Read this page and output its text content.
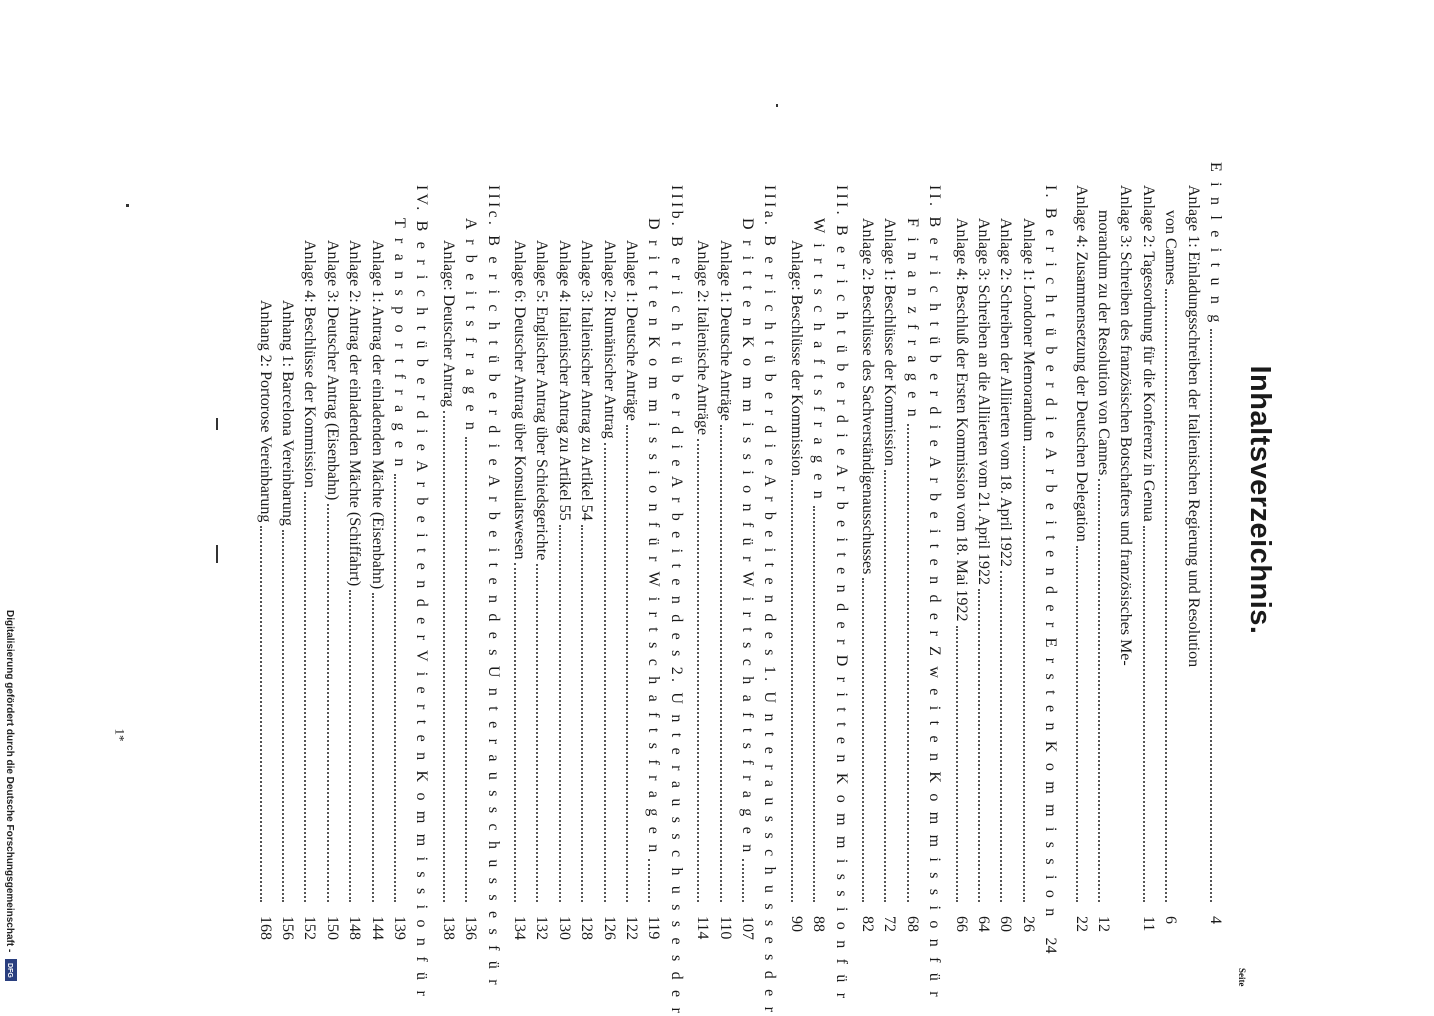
Inhaltsverzeichnis.
Seite
E i n l e i t u n g
4
Anlage 1: Einladungsschreiben der Italienischen Regierung und Resolution
von Cannes
6
Anlage 2: Tagesordnung für die Konferenz in Genua
11
Anlage 3: Schreiben des französischen Botschafters und französisches Me-
morandum zu der Resolution von Cannes
12
Anlage 4: Zusammensetzung der Deutschen Delegation
22
I. B e r i c h t ü b e r d i e A r b e i t e n d e r E r s t e n K o m m i s s i o n
24
Anlage 1: Londoner Memorandum
26
Anlage 2: Schreiben der Alliierten vom 18. April 1922
60
Anlage 3: Schreiben an die Alliierten vom 21. April 1922
64
Anlage 4: Beschluß der Ersten Kommission vom 18. Mai 1922
66
II. B e r i c h t ü b e r d i e A r b e i t e n d e r Z w e i t e n K o m m i s s i o n f ü r
F i n a n z f r a g e n
68
Anlage 1: Beschlüsse der Kommission
72
Anlage 2: Beschlüsse des Sachverständigenausschusses
82
III. B e r i c h t ü b e r d i e A r b e i t e n d e r D r i t t e n K o m m i s s i o n f ü r
W i r t s c h a f t s f r a g e n
88
Anlage: Beschlüsse der Kommission
90
IIIa. B e r i c h t ü b e r d i e A r b e i t e n d e s 1. U n t e r a u s s c h u s s e s d e r
D r i t t e n K o m m i s s i o n f ü r W i r t s c h a f t s f r a g e n
107
Anlage 1: Deutsche Anträge
110
Anlage 2: Italienische Anträge
114
IIIb. B e r i c h t ü b e r d i e A r b e i t e n d e s 2. U n t e r a u s s c h u s s e s d e r
D r i t t e n K o m m i s s i o n f ü r W i r t s c h a f t s f r a g e n
119
Anlage 1: Deutsche Anträge
122
Anlage 2: Rumänischer Antrag
126
Anlage 3: Italienischer Antrag zu Artikel 54
128
Anlage 4: Italienischer Antrag zu Artikel 55
130
Anlage 5: Englischer Antrag über Schiedsgerichte
132
Anlage 6: Deutscher Antrag über Konsulatswesen
134
IIIc. B e r i c h t ü b e r d i e A r b e i t e n d e s U n t e r a u s s c h u s s e s f ü r
A r b e i t s f r a g e n
136
Anlage: Deutscher Antrag
138
IV. B e r i c h t ü b e r d i e A r b e i t e n d e r V i e r t e n K o m m i s s i o n f ü r
T r a n s p o r t f r a g e n
139
Anlage 1: Antrag der einladenden Mächte (Eisenbahn)
144
Anlage 2: Antrag der einladenden Mächte (Schiffahrt)
148
Anlage 3: Deutscher Antrag (Eisenbahn)
150
Anlage 4: Beschlüsse der Kommission
152
Anhang 1: Barcelona Vereinbarung
156
Anhang 2: Portorose Vereinbarung
168
Digitalisierung gefördert durch die Deutsche Forschungsgemeinschaft - DFG
1*
